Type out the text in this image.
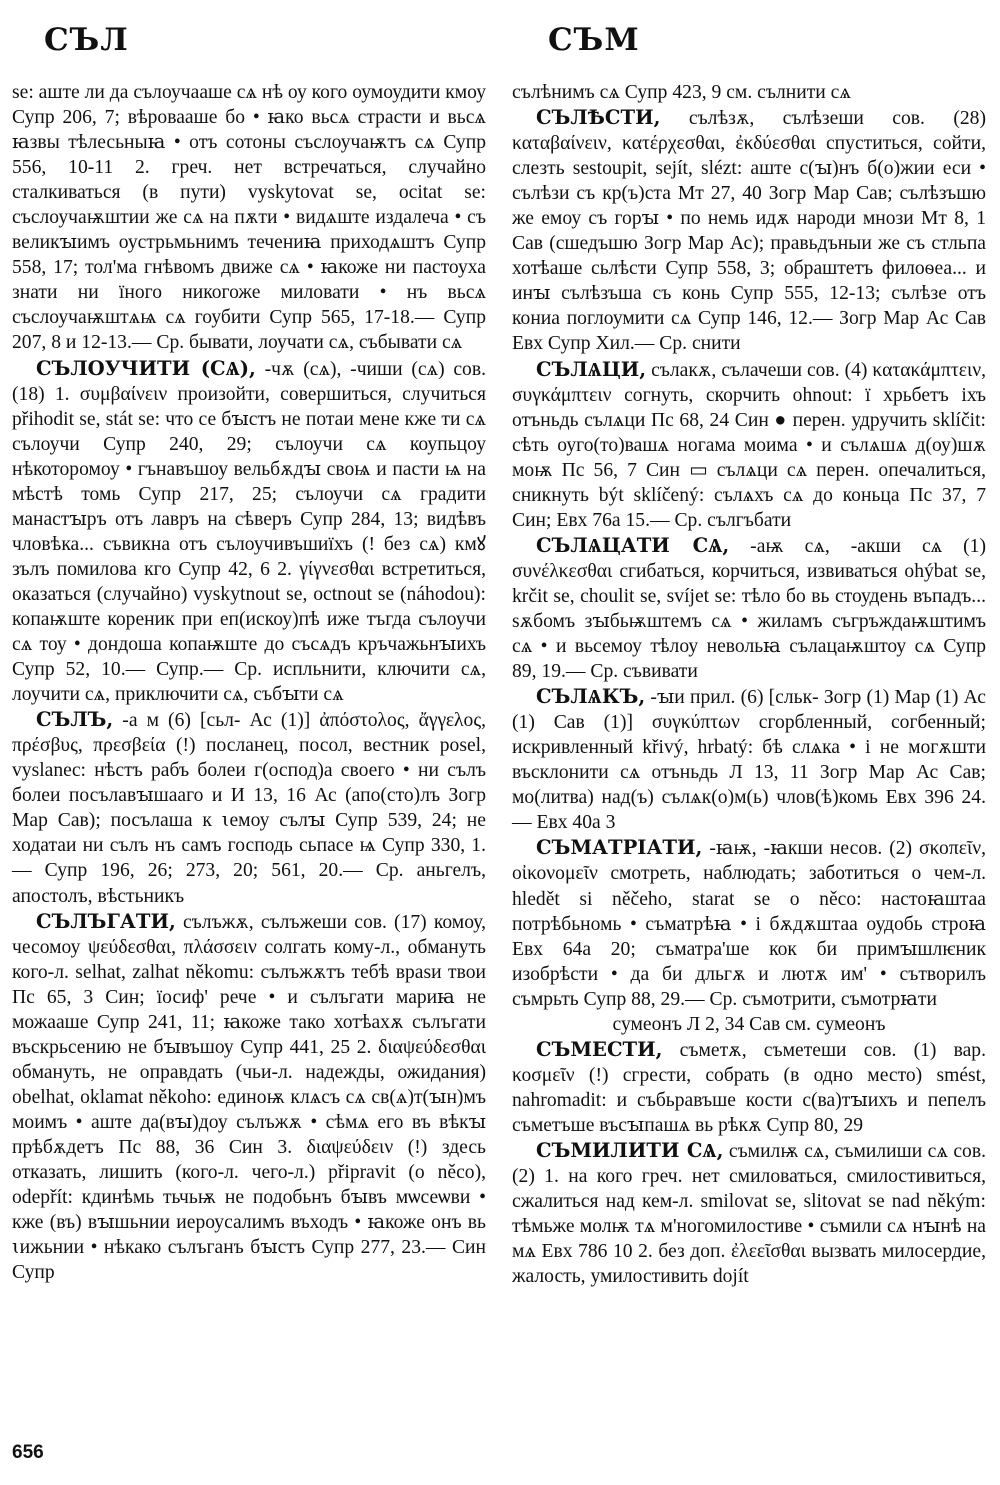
СЪЛ	СЪМ

se: аште ли да сълоучааше сѧ нѣ оу кого оумоудити кмоу Супр 206, 7; вѣровааше бо • ꙗко вьсѧ страсти и вьсѧ ꙗзвы тѣлесьныꙗ • отъ сотоны съслоучаѭтъ сѧ Супр 556, 10-11 2. греч. нет встречаться, случайно сталкиваться (в пути) vyskytovat se, ocitat se: съслоучаѭштии же сѧ на пѫти • видѧште издалеча • съ великꙑимъ оустрьмьнимъ течениꙗ приходѧштъ Супр 558, 17; тол'ма гнѣвомъ движе сѧ • ꙗкоже ни пастоуха знати ни їного никогоже миловати • нъ вьсѧ съслоучаѭштѧѩ сѧ гоубити Супр 565, 17-18.— Супр 207, 8 и 12-13.— Ср. бывати, лоучати сѧ, събывати сѧ

СЪЛОУЧИТИ (СѦ), -чѫ (сѧ), -чиши (сѧ) сов. (18) 1. συμβαίνειν произойти, совершиться, случиться přihodit se, stát se: что се бꙑстъ не потаи мене кже ти сѧ сълоучи Супр 240, 29; сълоучи сѧ коупьцоу нѣкоторомоу • гънавъшоу вельбѫдꙑ своѩ и пасти ѩ на мѣстѣ томь Супр 217, 25; сълоучи сѧ градити манастꙑръ отъ лавръ на сѣверъ Супр 284, 13; видѣвъ чловѣка... съвикна отъ сълоучивъшиїхъ (! без сѧ) кмꙋ зълъ помилова кго Супр 42, 6 2. γίγνεσθαι встретиться, оказаться (случайно) vyskytnout se, octnout se (náhodou): копаѭште кореник при еп(искоу)пѣ иже тъгда сълоучи сѧ тоу • дондоша копаѭште до съсѧдъ кръчажьнꙑихъ Супр 52, 10.— Супр.— Ср. испльнити, ключити сѧ, лоучити сѧ, приключити сѧ, събꙑти сѧ

СЪЛЪ, -а м (6) [сьл- Ас (1)] ἀπόστολος, ἄγγελος, πρέσβυς, πρεσβεία (!) посланец, посол, вестник posel, vyslanec: нѣстъ рабъ болеи г(оспод)а своего • ни сълъ болеи посълавꙑшааго и И 13, 16 Ас (апо(сто)лъ Зогр Мар Сав); посълаша к ꙇемоу сълꙑ Супр 539, 24; не ходатаи ни сълъ нъ самъ господь сьпасе ѩ Супр 330, 1.— Супр 196, 26; 273, 20; 561, 20.— Ср. аньгелъ, апостолъ, вѣстьникъ

СЪЛЪГАТИ, сълъжѫ, сълъжеши сов. (17) комоу, чесомоу ψεύδεσθαι, πλάσσειν солгать кому-л., обмануть кого-л. selhat, zalhat někomu: сълъжѫтъ тебѣ враѕи твои Пс 65, 3 Син; їосиф' рече • и сълъгати мариꙗ не можааше Супр 241, 11; ꙗкоже тако хотѣахѫ сълъгати въскрьсению не бꙑвъшоу Супр 441, 25 2. διαψεύδεσθαι обмануть, не оправдать (чьи-л. надежды, ожидания) obelhat, oklamat někoho: единоѭ клѧсъ сѧ св(ѧ)т(ꙑн)мъ моимъ • аште да(вꙑ)доу сълъжѫ • сѣмѧ его въ вѣкꙑ прѣбѫдетъ Пс 88, 36 Син 3. διαψεύδειν (!) здесь отказать, лишить (кого-л. чего-л.) připravit (o něco), odepřít: кдинѣмь тьчьѭ не подобьнъ бꙑвъ мѡсеѡви • кже (въ) вꙑшьнии иероусалимъ въходъ • ꙗкоже онъ вь ꙇижьнии • нѣкако сълъганъ бꙑстъ Супр 277, 23.— Син Супр

сълѣнимъ сѧ Супр 423, 9 см. сълнити сѧ

СЪЛѢСТИ, сълѣзѫ, сълѣзеши сов. (28) καταβαίνειν, κατέρχεσθαι, ἐκδύεσθαι спуститься, сойти, слезть sestoupit, sejít, slézt: аште с(ꙑ)нъ б(о)жии еси • сълѣзи съ кр(ъ)ста Мт 27, 40 Зогр Мар Сав; сълѣзъшю же емоу съ горꙑ • по немь идѫ народи мнози Мт 8, 1 Сав (сшедъшю Зогр Мар Ас); правьдъныи же съ стльпа хотѣаше сьлѣсти Супр 558, 3; обраштетъ филоѳеа... и инꙑ сълѣзъша съ конь Супр 555, 12-13; сълѣзе отъ кониа поглоумити сѧ Супр 146, 12.— Зогр Мар Ас Сав Евх Супр Хил.— Ср. снити

СЪЛѦЦИ, сълакѫ, сълачеши сов. (4) κατακάμπτειν, συγκάμπτειν согнуть, скорчить ohnout: ї хрьбетъ іхъ отъньдь сълѧци Пс 68, 24 Син ● перен. удручить sklíčit: сѣть оуго(то)вашѧ ногама моима • и сълѧшѧ д(оу)шѫ моѭ Пс 56, 7 Син ▭ сълѧци сѧ перен. опечалиться, сникнуть být sklíčený: сълѧхъ сѧ до коньца Пс 37, 7 Син; Евх 76а 15.— Ср. сългъбати

СЪЛѦЦАТИ СѦ, -аѭ сѧ, -акши сѧ (1) συνέλκεσθαι сгибаться, корчиться, извиваться ohýbat se, krčit se, choulit se, svíjet se: тѣло бо вь стоудень въпадъ... ѕѫбомъ зꙑбьѭштемъ сѧ • жиламъ съгръждаѭштимъ сѧ • и вьсемоу тѣлоу невольꙗ сълацаѭштоу сѧ Супр 89, 19.— Ср. съвивати

СЪЛѦКЪ, -ꙑи прил. (6) [сльк- Зогр (1) Мар (1) Ас (1) Сав (1)] συγκύπτων сгорбленный, согбенный; искривленный křivý, hrbatý: бѣ слѧка • і не могѫшти въсклонити сѧ отъньдь Л 13, 11 Зогр Мар Ас Сав; мо(литва) над(ъ) сълѧк(о)м(ь) члов(ѣ)комь Евх 396 24.— Евх 40а 3

СЪМАТРІАТИ, -ꙗѭ, -ꙗкши несов. (2) σκοπεῖν, οἰκονομεῖν смотреть, наблюдать; заботиться о чем-л. hledět si něčeho, starat se o něco: настоꙗштаа потрѣбьномь • съматрѣꙗ • і бѫдѫштаа оудобь строꙗ Евх 64а 20; съматра'ше кок би примꙑшлѥник изобрѣсти • да би дльгѫ и лютѫ им' • сътворилъ съмрьть Супр 88, 29.— Ср. съмотрити, съмотрꙗти

сумеонъ Л 2, 34 Сав см. сумеонъ

СЪМЕСТИ, съметѫ, съметеши сов. (1) вар. κοσμεῖν (!) сгрести, собрать (в одно место) smést, nahromadit: и събьравъше кости с(ва)тꙑихъ и пепелъ съметъше въсꙑпашѧ вь рѣкѫ Супр 80, 29

СЪМИЛИТИ СѦ, съмилѭ сѧ, съмилиши сѧ сов. (2) 1. на кого греч. нет смиловаться, смилостивиться, сжалиться над кем-л. smilovat se, slitovat se nad někým: тѣмьже молѭ тѧ м'ногомилостиве • съмили сѧ нꙑнѣ на мѧ Евх 786 10 2. без доп. ἐλεεῖσθαι вызвать милосердие, жалость, умилостивить dojít

656
